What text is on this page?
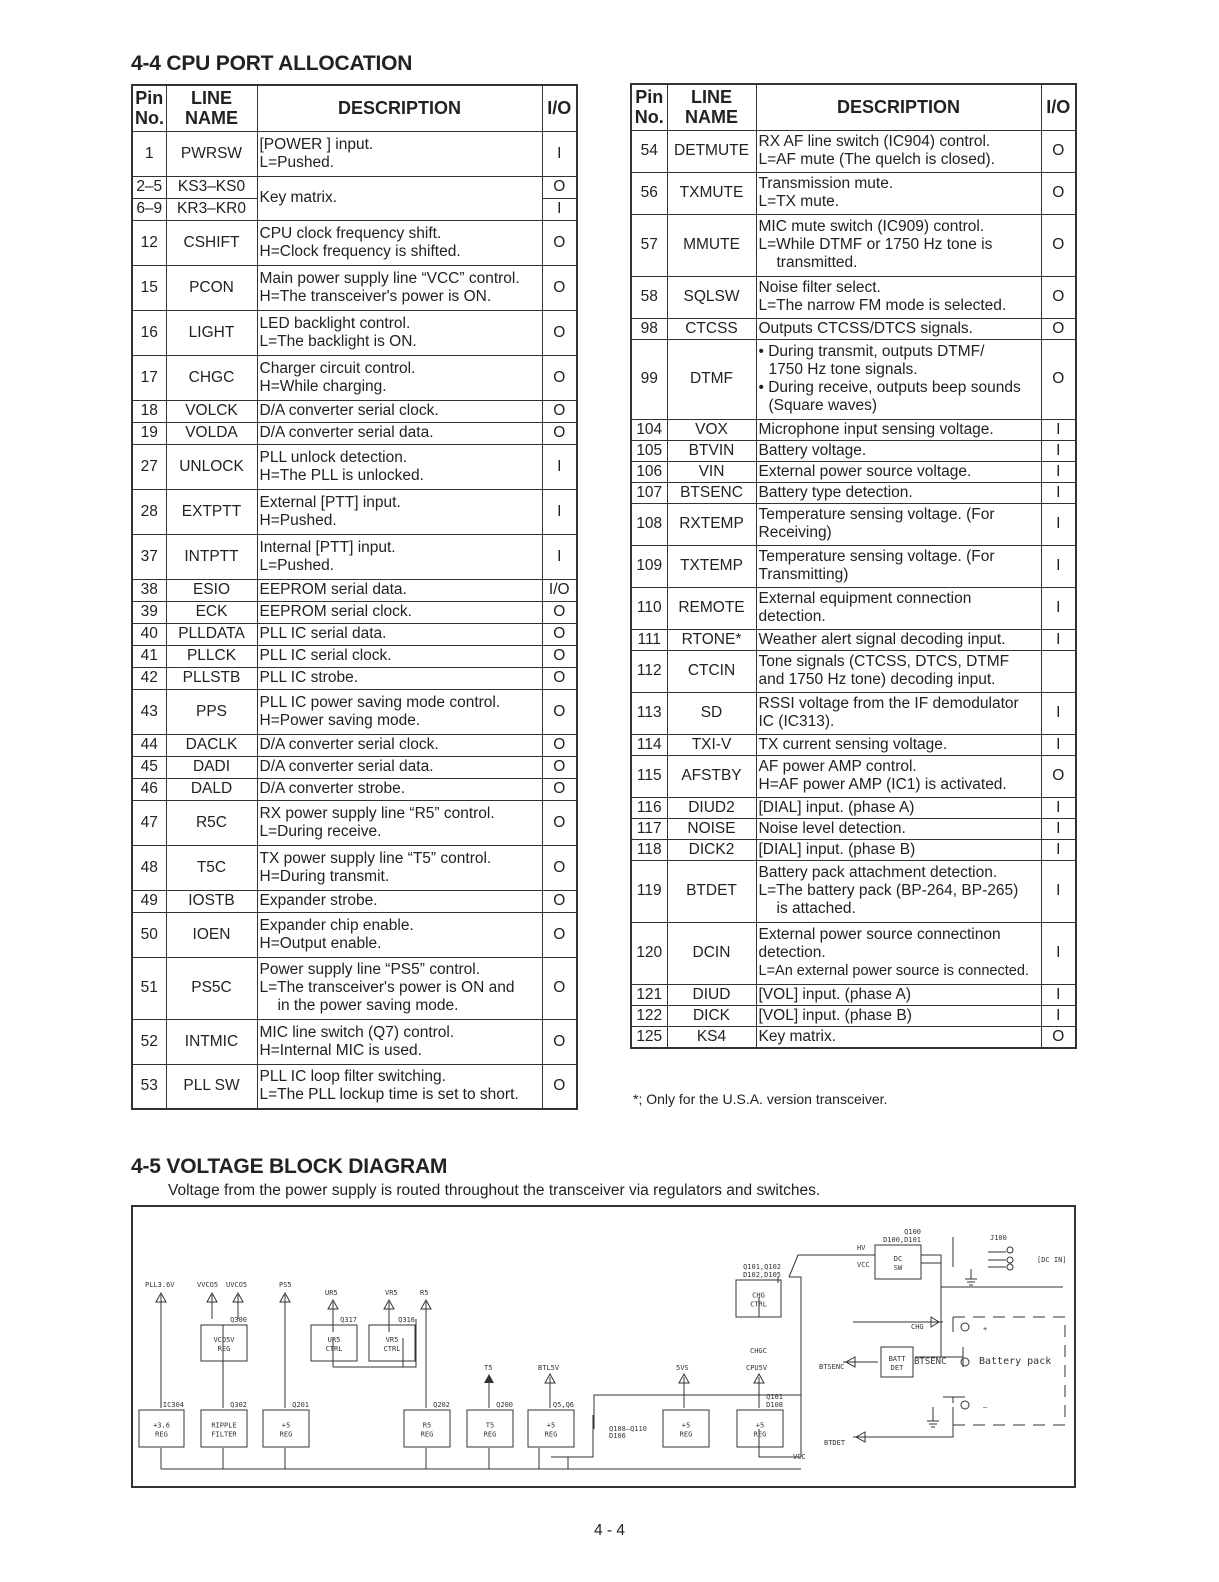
4-4 CPU PORT ALLOCATION
Pin
No.	LINE
NAME	DESCRIPTION	I/O
1	PWRSW	[POWER ] input.
L=Pushed.	I
2–5	KS3–KS0	Key matrix.	O
6–9	KR3–KR0		I
12	CSHIFT	CPU clock frequency shift.
H=Clock frequency is shifted.	O
15	PCON	Main power supply line “VCC” control.
H=The transceiver's power is ON.	O
16	LIGHT	LED backlight control.
L=The backlight is ON.	O
17	CHGC	Charger circuit control.
H=While charging.	O
18	VOLCK	D/A converter serial clock.	O
19	VOLDA	D/A converter serial data.	O
27	UNLOCK	PLL unlock detection.
H=The PLL is unlocked.	I
28	EXTPTT	External [PTT] input.
H=Pushed.	I
37	INTPTT	Internal [PTT] input.
L=Pushed.	I
38	ESIO	EEPROM serial data.	I/O
39	ECK	EEPROM serial clock.	O
40	PLLDATA	PLL IC serial data.	O
41	PLLCK	PLL IC serial clock.	O
42	PLLSTB	PLL IC strobe.	O
43	PPS	PLL IC power saving mode control.
H=Power saving mode.	O
44	DACLK	D/A converter serial clock.	O
45	DADI	D/A converter serial data.	O
46	DALD	D/A converter strobe.	O
47	R5C	RX power supply line “R5” control.
L=During receive.	O
48	T5C	TX power supply line “T5” control.
H=During transmit.	O
49	IOSTB	Expander strobe.	O
50	IOEN	Expander chip enable.
H=Output enable.	O
51	PS5C	Power supply line “PS5” control.
L=The transceiver's power is ON and
in the power saving mode.	O
52	INTMIC	MIC line switch (Q7) control.
H=Internal MIC is used.	O
53	PLL SW	PLL IC loop filter switching.
L=The PLL lockup time is set to short.	O
Pin
No.	LINE
NAME	DESCRIPTION	I/O
54	DETMUTE	RX AF line switch (IC904) control.
L=AF mute (The quelch is closed).	O
56	TXMUTE	Transmission mute.
L=TX mute.	O
57	MMUTE	MIC mute switch (IC909) control.
L=While DTMF or 1750 Hz tone is
transmitted.	O
58	SQLSW	Noise filter select.
L=The narrow FM mode is selected.	O
98	CTCSS	Outputs CTCSS/DTCS signals.	O
99	DTMF	• During transmit, outputs DTMF/
1750 Hz tone signals.
• During receive, outputs beep sounds
(Square waves)	O
104	VOX	Microphone input sensing voltage.	I
105	BTVIN	Battery voltage.	I
106	VIN	External power source voltage.	I
107	BTSENC	Battery type detection.	I
108	RXTEMP	Temperature sensing voltage. (For
Receiving)	I
109	TXTEMP	Temperature sensing voltage. (For
Transmitting)	I
110	REMOTE	External equipment connection
detection.	I
111	RTONE*	Weather alert signal decoding input.	I
112	CTCIN	Tone signals (CTCSS, DTCS, DTMF
and 1750 Hz tone) decoding input.	

113	SD	RSSI voltage from the IF demodulator
IC (IC313).	I
114	TXI-V	TX current sensing voltage.	I
115	AFSTBY	AF power AMP control.
H=AF power AMP (IC1) is activated.	O
116	DIUD2	[DIAL] input. (phase A)	I
117	NOISE	Noise level detection.	I
118	DICK2	[DIAL] input. (phase B)	I
119	BTDET	Battery pack attachment detection.
L=The battery pack (BP-264, BP-265)
is attached.	I
120	DCIN	External power source connectinon
detection.
L=An external power source is connected.	I
121	DIUD	[VOL] input. (phase A)	I
122	DICK	[VOL] input. (phase B)	I
125	KS4	Key matrix.	O
*; Only for the U.S.A. version transceiver.
4-5 VOLTAGE BLOCK DIAGRAM
Voltage from the power supply is routed throughout the transceiver via regulators and switches.
+3.6
REG
IC304
RIPPLE
FILTER
Q302
+5
REG
Q201
R5
REG
Q202
T5
REG
Q200
+5
REG
Q5,Q6
+5
REG
+5
REG
Q101
D108
VCO5V
REG
Q300
UR5
CTRL
Q317
VR5
CTRL
Q316
CHG
CTRL
Q101,Q102
D102,D105
DC
SW
Q100
D100,D101
BATT
DET
PLL3.6V	VVCO5 UVCO5	PS5
UR5	VR5	R5
T5	BTL5V	5VS	CPU5V
Q108–Q110
D106
HV
VCC
J100
[DC IN]
CHG
CHGC
BTSENC	BTSENC	Battery pack
BTDET
VCC
+
–
4 - 4
